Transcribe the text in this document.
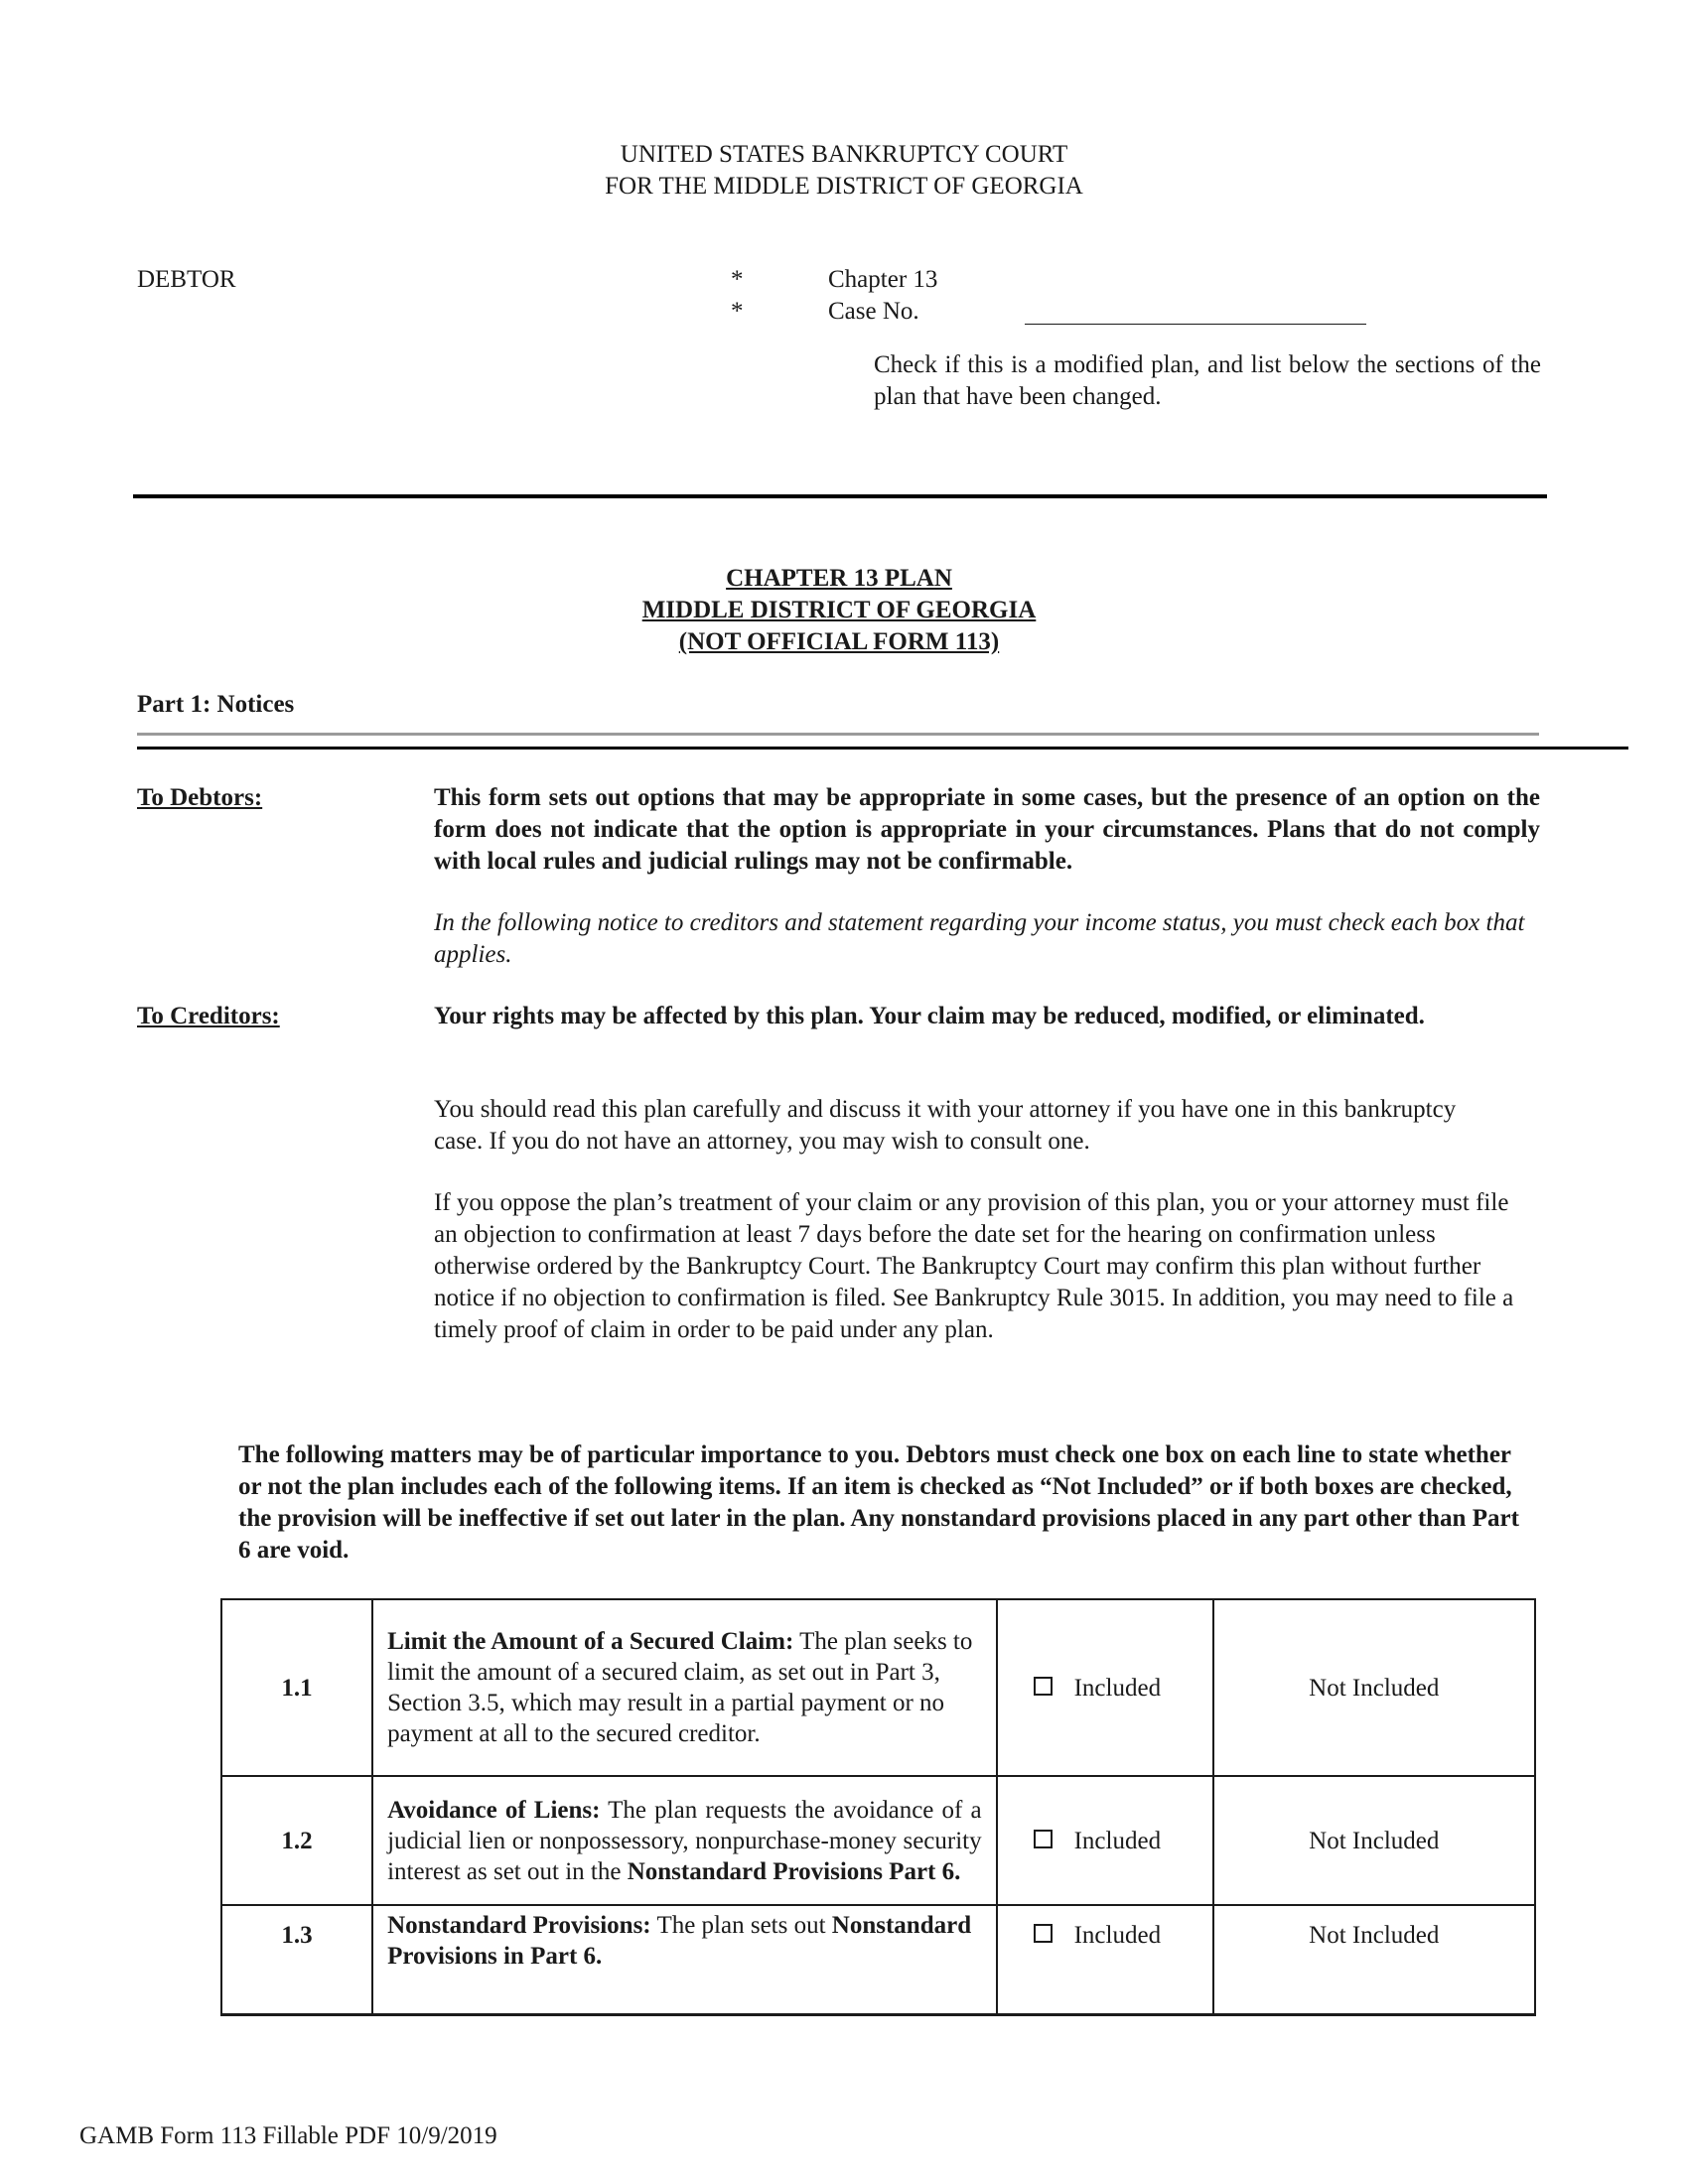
UNITED STATES BANKRUPTCY COURT
FOR THE MIDDLE DISTRICT OF GEORGIA
DEBTOR	*
*
Chapter 13
Case No.
Check if this is a modified plan, and list below the sections of the plan that have been changed.
CHAPTER 13 PLAN
MIDDLE DISTRICT OF GEORGIA
(NOT OFFICIAL FORM 113)
Part 1: Notices
To Debtors:	This form sets out options that may be appropriate in some cases, but the presence of an option on the form does not indicate that the option is appropriate in your circumstances. Plans that do not comply with local rules and judicial rulings may not be confirmable.
In the following notice to creditors and statement regarding your income status, you must check each box that applies.
To Creditors:	Your rights may be affected by this plan. Your claim may be reduced, modified, or eliminated.
You should read this plan carefully and discuss it with your attorney if you have one in this bankruptcy case. If you do not have an attorney, you may wish to consult one.
If you oppose the plan’s treatment of your claim or any provision of this plan, you or your attorney must file an objection to confirmation at least 7 days before the date set for the hearing on confirmation unless otherwise ordered by the Bankruptcy Court. The Bankruptcy Court may confirm this plan without further notice if no objection to confirmation is filed. See Bankruptcy Rule 3015. In addition, you may need to file a timely proof of claim in order to be paid under any plan.
The following matters may be of particular importance to you. Debtors must check one box on each line to state whether or not the plan includes each of the following items. If an item is checked as “Not Included” or if both boxes are checked, the provision will be ineffective if set out later in the plan. Any nonstandard provisions placed in any part other than Part 6 are void.
1.1	Limit the Amount of a Secured Claim: The plan seeks to limit the amount of a secured claim, as set out in Part 3, Section 3.5, which may result in a partial payment or no payment at all to the secured creditor.	Included	Not Included
1.2	Avoidance of Liens: The plan requests the avoidance of a judicial lien or nonpossessory, nonpurchase-money security interest as set out in the Nonstandard Provisions Part 6.	Included	Not Included
1.3	Nonstandard Provisions: The plan sets out Nonstandard Provisions in Part 6.	Included	Not Included
GAMB Form 113 Fillable PDF 10/9/2019
